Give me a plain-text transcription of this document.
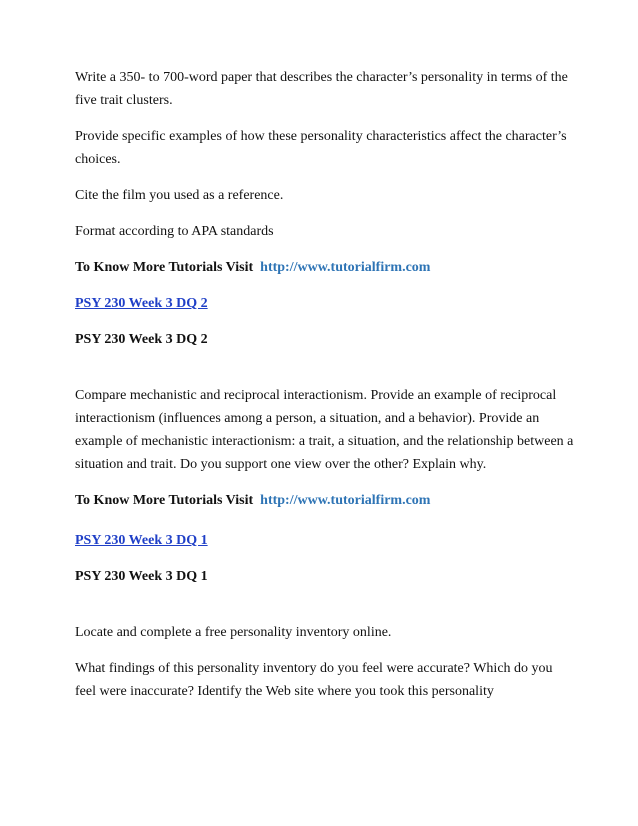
Write a 350- to 700-word paper that describes the character’s personality in terms of the five trait clusters.

Provide specific examples of how these personality characteristics affect the character’s choices.

Cite the film you used as a reference.

Format according to APA standards

To Know More Tutorials Visit http://www.tutorialfirm.com

PSY 230 Week 3 DQ 2

PSY 230 Week 3 DQ 2

Compare mechanistic and reciprocal interactionism. Provide an example of reciprocal interactionism (influences among a person, a situation, and a behavior). Provide an example of mechanistic interactionism: a trait, a situation, and the relationship between a situation and trait. Do you support one view over the other? Explain why.

To Know More Tutorials Visit http://www.tutorialfirm.com

PSY 230 Week 3 DQ 1

PSY 230 Week 3 DQ 1

Locate and complete a free personality inventory online.

What findings of this personality inventory do you feel were accurate? Which do you feel were inaccurate? Identify the Web site where you took this personality
